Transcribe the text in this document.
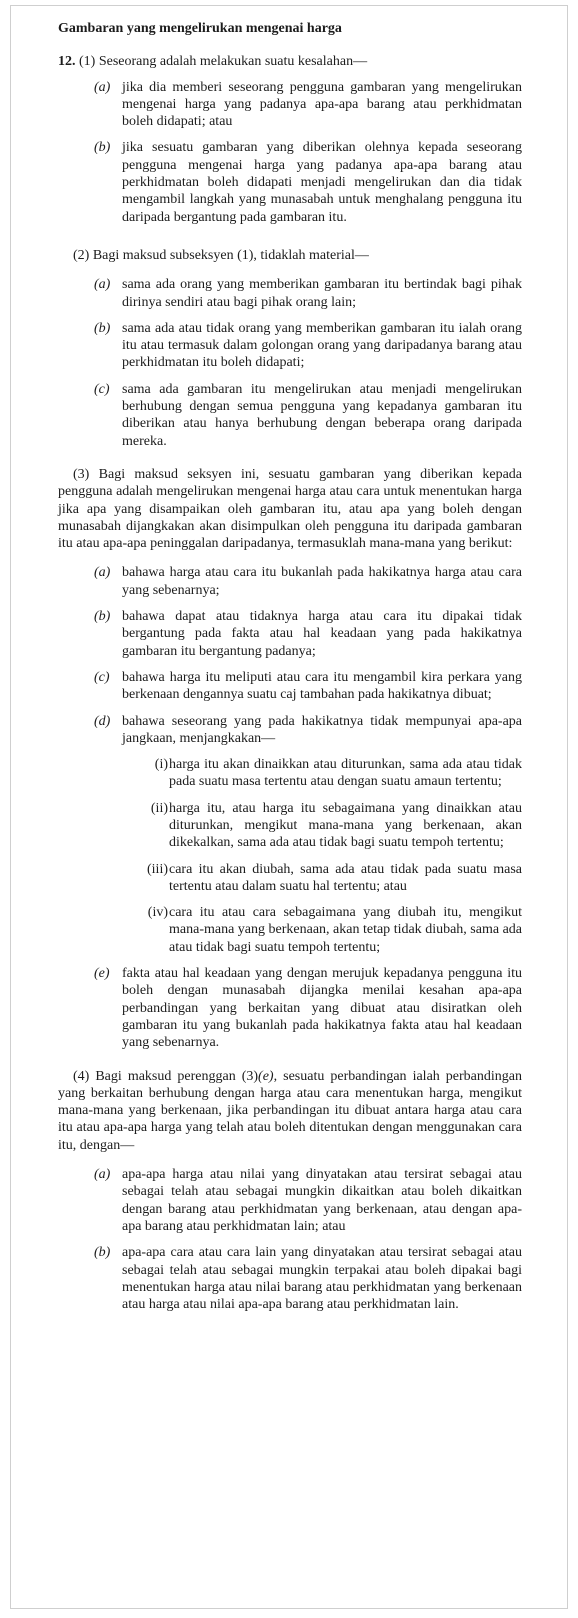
Gambaran yang mengelirukan mengenai harga

12. (1) Seseorang adalah melakukan suatu kesalahan—

(a) jika dia memberi seseorang pengguna gambaran yang mengelirukan mengenai harga yang padanya apa-apa barang atau perkhidmatan boleh didapati; atau
(b) jika sesuatu gambaran yang diberikan olehnya kepada seseorang pengguna mengenai harga yang padanya apa-apa barang atau perkhidmatan boleh didapati menjadi mengelirukan dan dia tidak mengambil langkah yang munasabah untuk menghalang pengguna itu daripada bergantung pada gambaran itu.

(2) Bagi maksud subseksyen (1), tidaklah material—

(a) sama ada orang yang memberikan gambaran itu bertindak bagi pihak dirinya sendiri atau bagi pihak orang lain;
(b) sama ada atau tidak orang yang memberikan gambaran itu ialah orang itu atau termasuk dalam golongan orang yang daripadanya barang atau perkhidmatan itu boleh didapati;
(c) sama ada gambaran itu mengelirukan atau menjadi mengelirukan berhubung dengan semua pengguna yang kepadanya gambaran itu diberikan atau hanya berhubung dengan beberapa orang daripada mereka.

(3) Bagi maksud seksyen ini, sesuatu gambaran yang diberikan kepada pengguna adalah mengelirukan mengenai harga atau cara untuk menentukan harga jika apa yang disampaikan oleh gambaran itu, atau apa yang boleh dengan munasabah dijangkakan akan disimpulkan oleh pengguna itu daripada gambaran itu atau apa-apa peninggalan daripadanya, termasuklah mana-mana yang berikut:

(a) bahawa harga atau cara itu bukanlah pada hakikatnya harga atau cara yang sebenarnya;
(b) bahawa dapat atau tidaknya harga atau cara itu dipakai tidak bergantung pada fakta atau hal keadaan yang pada hakikatnya gambaran itu bergantung padanya;
(c) bahawa harga itu meliputi atau cara itu mengambil kira perkara yang berkenaan dengannya suatu caj tambahan pada hakikatnya dibuat;
(d) bahawa seseorang yang pada hakikatnya tidak mempunyai apa-apa jangkaan, menjangkakan—
(i) harga itu akan dinaikkan atau diturunkan, sama ada atau tidak pada suatu masa tertentu atau dengan suatu amaun tertentu;
(ii) harga itu, atau harga itu sebagaimana yang dinaikkan atau diturunkan, mengikut mana-mana yang berkenaan, akan dikekalkan, sama ada atau tidak bagi suatu tempoh tertentu;
(iii) cara itu akan diubah, sama ada atau tidak pada suatu masa tertentu atau dalam suatu hal tertentu; atau
(iv) cara itu atau cara sebagaimana yang diubah itu, mengikut mana-mana yang berkenaan, akan tetap tidak diubah, sama ada atau tidak bagi suatu tempoh tertentu;
(e) fakta atau hal keadaan yang dengan merujuk kepadanya pengguna itu boleh dengan munasabah dijangka menilai kesahan apa-apa perbandingan yang berkaitan yang dibuat atau disiratkan oleh gambaran itu yang bukanlah pada hakikatnya fakta atau hal keadaan yang sebenarnya.

(4) Bagi maksud perenggan (3)(e), sesuatu perbandingan ialah perbandingan yang berkaitan berhubung dengan harga atau cara menentukan harga, mengikut mana-mana yang berkenaan, jika perbandingan itu dibuat antara harga atau cara itu atau apa-apa harga yang telah atau boleh ditentukan dengan menggunakan cara itu, dengan—

(a) apa-apa harga atau nilai yang dinyatakan atau tersirat sebagai atau sebagai telah atau sebagai mungkin dikaitkan atau boleh dikaitkan dengan barang atau perkhidmatan yang berkenaan, atau dengan apa-apa barang atau perkhidmatan lain; atau
(b) apa-apa cara atau cara lain yang dinyatakan atau tersirat sebagai atau sebagai telah atau sebagai mungkin terpakai atau boleh dipakai bagi menentukan harga atau nilai barang atau perkhidmatan yang berkenaan atau harga atau nilai apa-apa barang atau perkhidmatan lain.
